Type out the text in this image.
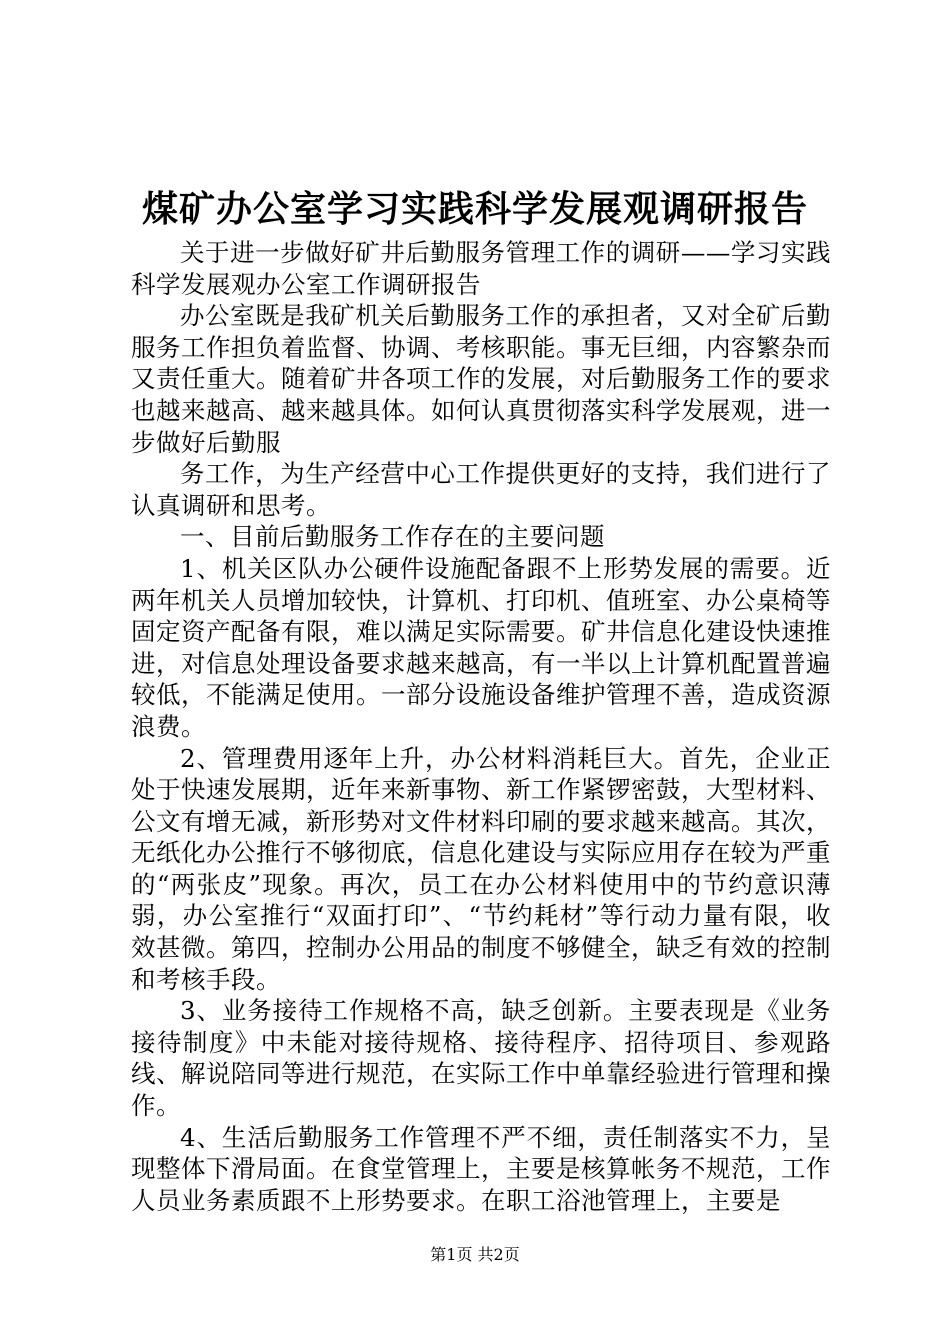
煤矿办公室学习实践科学发展观调研报告

关于进一步做好矿井后勤服务管理工作的调研——学习实践科学发展观办公室工作调研报告

办公室既是我矿机关后勤服务工作的承担者，又对全矿后勤服务工作担负着监督、协调、考核职能。事无巨细，内容繁杂而又责任重大。随着矿井各项工作的发展，对后勤服务工作的要求也越来越高、越来越具体。如何认真贯彻落实科学发展观，进一步做好后勤服

务工作，为生产经营中心工作提供更好的支持，我们进行了认真调研和思考。

一、目前后勤服务工作存在的主要问题

1、机关区队办公硬件设施配备跟不上形势发展的需要。近两年机关人员增加较快，计算机、打印机、值班室、办公桌椅等固定资产配备有限，难以满足实际需要。矿井信息化建设快速推进，对信息处理设备要求越来越高，有一半以上计算机配置普遍较低，不能满足使用。一部分设施设备维护管理不善，造成资源浪费。

2、管理费用逐年上升，办公材料消耗巨大。首先，企业正处于快速发展期，近年来新事物、新工作紧锣密鼓，大型材料、公文有增无减，新形势对文件材料印刷的要求越来越高。其次，无纸化办公推行不够彻底，信息化建设与实际应用存在较为严重的“两张皮”现象。再次，员工在办公材料使用中的节约意识薄弱，办公室推行“双面打印”、“节约耗材”等行动力量有限，收效甚微。第四，控制办公用品的制度不够健全，缺乏有效的控制和考核手段。

3、业务接待工作规格不高，缺乏创新。主要表现是《业务接待制度》中未能对接待规格、接待程序、招待项目、参观路线、解说陪同等进行规范，在实际工作中单靠经验进行管理和操作。

4、生活后勤服务工作管理不严不细，责任制落实不力，呈现整体下滑局面。在食堂管理上，主要是核算帐务不规范，工作人员业务素质跟不上形势要求。在职工浴池管理上，主要是

第1页 共2页
